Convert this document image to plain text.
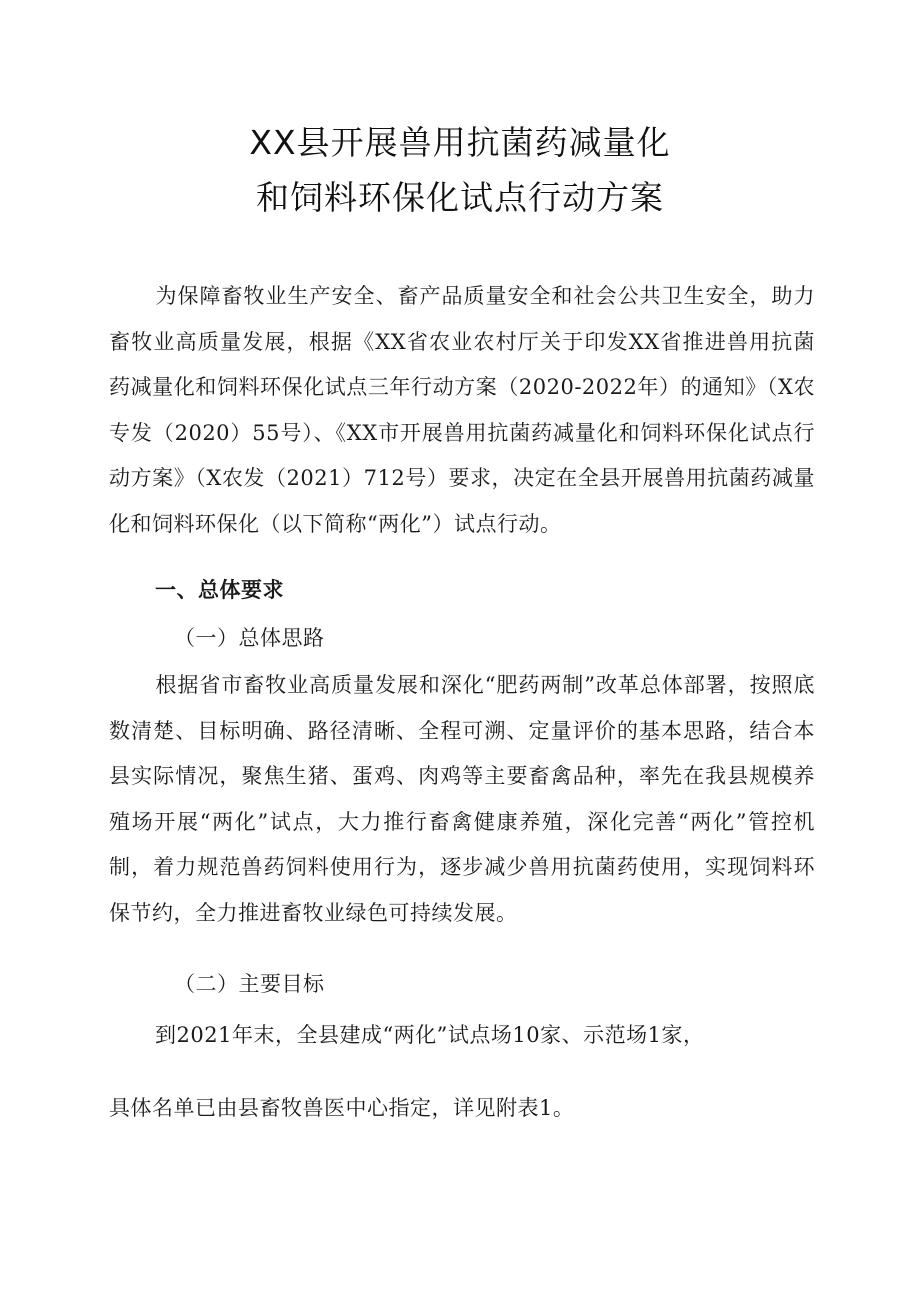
XX县开展兽用抗菌药减量化
和饲料环保化试点行动方案
为保障畜牧业生产安全、畜产品质量安全和社会公共卫生安全，助力畜牧业高质量发展，根据《XX省农业农村厅关于印发XX省推进兽用抗菌药减量化和饲料环保化试点三年行动方案（2020-2022年）的通知》（X农专发（2020）55号）、《XX市开展兽用抗菌药减量化和饲料环保化试点行动方案》（X农发（2021）712号）要求，决定在全县开展兽用抗菌药减量化和饲料环保化（以下简称“两化”）试点行动。
一、总体要求
（一）总体思路
根据省市畜牧业高质量发展和深化“肥药两制”改革总体部署，按照底数清楚、目标明确、路径清晰、全程可溯、定量评价的基本思路，结合本县实际情况，聚焦生猪、蛋鸡、肉鸡等主要畜禽品种，率先在我县规模养殖场开展“两化”试点，大力推行畜禽健康养殖，深化完善“两化”管控机制，着力规范兽药饲料使用行为，逐步减少兽用抗菌药使用，实现饲料环保节约，全力推进畜牧业绿色可持续发展。
（二）主要目标
到2021年末，全县建成“两化”试点场10家、示范场1家，
具体名单已由县畜牧兽医中心指定，详见附表1。
